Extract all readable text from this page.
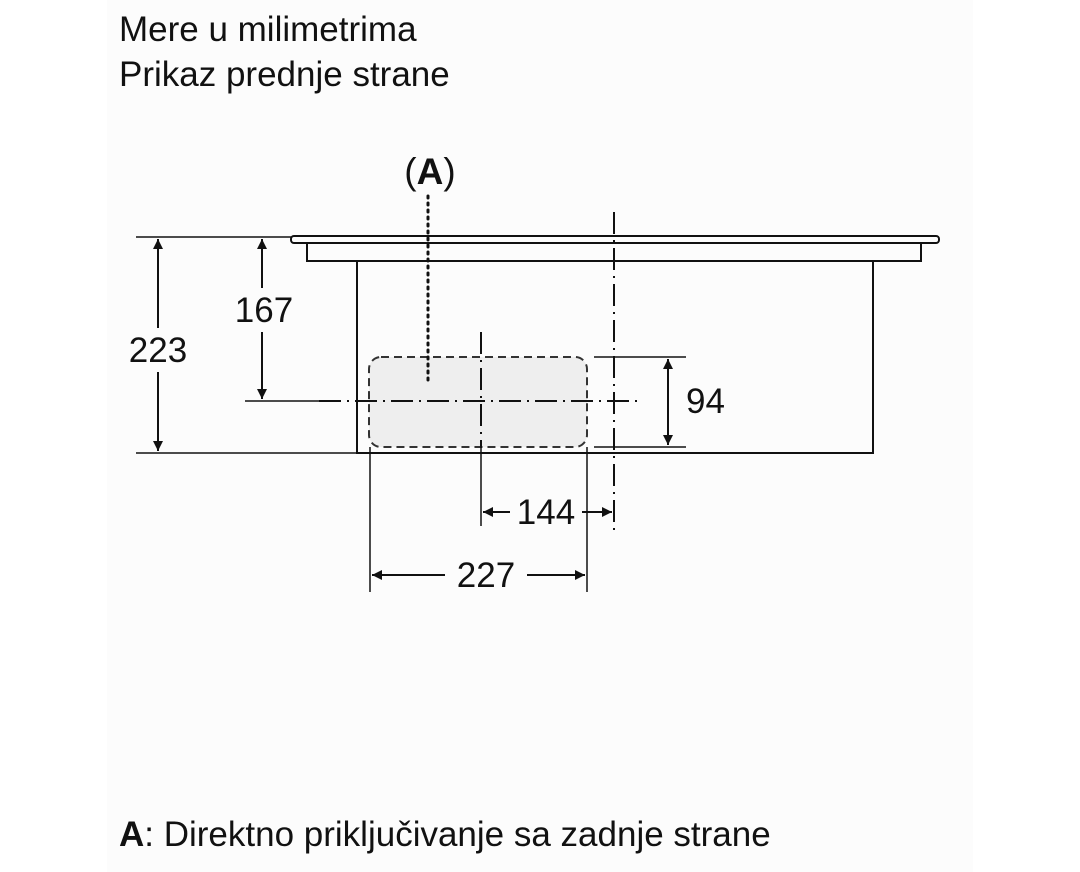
Mere u milimetrima
Prikaz prednje strane
(A)
223
167
94
144
227
A: Direktno priključivanje sa zadnje strane
